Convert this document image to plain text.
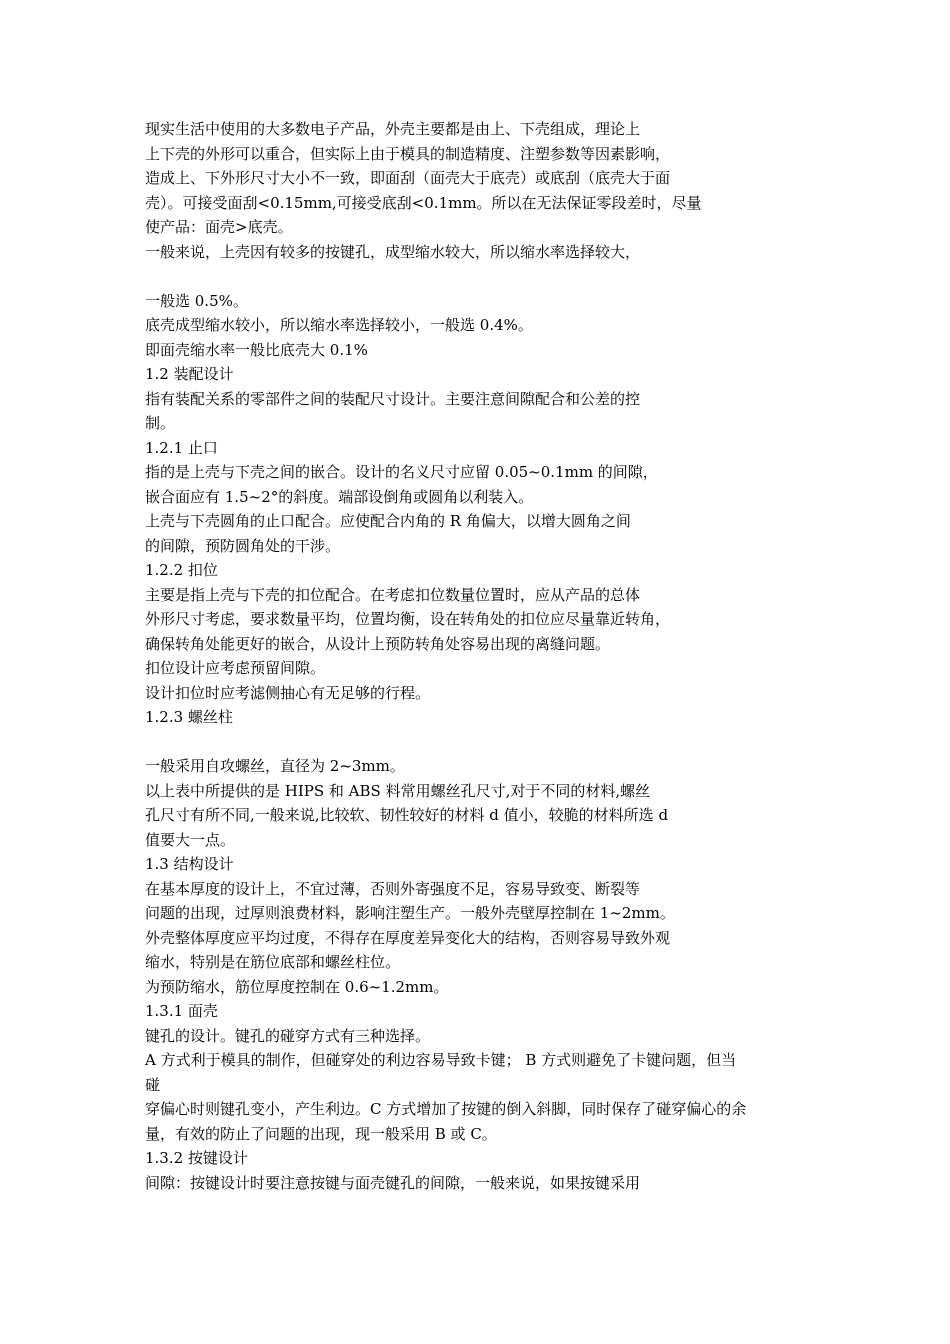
现实生活中使用的大多数电子产品，外壳主要都是由上、下壳组成，理论上
上下壳的外形可以重合，但实际上由于模具的制造精度、注塑参数等因素影响，
造成上、下外形尺寸大小不一致，即面刮（面壳大于底壳）或底刮（底壳大于面
壳）。可接受面刮<0.15mm,可接受底刮<0.1mm。所以在无法保证零段差时，尽量
使产品：面壳>底壳。
一般来说，上壳因有较多的按键孔，成型缩水较大，所以缩水率选择较大，
一般选 0.5%。
底壳成型缩水较小，所以缩水率选择较小，一般选 0.4%。
即面壳缩水率一般比底壳大 0.1%
1.2 装配设计
指有装配关系的零部件之间的装配尺寸设计。主要注意间隙配合和公差的控
制。
1.2.1 止口
指的是上壳与下壳之间的嵌合。设计的名义尺寸应留 0.05~0.1mm 的间隙，
嵌合面应有 1.5~2°的斜度。端部设倒角或圆角以利装入。
上壳与下壳圆角的止口配合。应使配合内角的 R 角偏大，以增大圆角之间
的间隙，预防圆角处的干涉。
1.2.2 扣位
主要是指上壳与下壳的扣位配合。在考虑扣位数量位置时，应从产品的总体
外形尺寸考虑，要求数量平均，位置均衡，设在转角处的扣位应尽量靠近转角，
确保转角处能更好的嵌合，从设计上预防转角处容易出现的离缝问题。
扣位设计应考虑预留间隙。
设计扣位时应考滤侧抽心有无足够的行程。
1.2.3 螺丝柱
一般采用自攻螺丝，直径为 2~3mm。
以上表中所提供的是 HIPS 和 ABS 料常用螺丝孔尺寸,对于不同的材料,螺丝
孔尺寸有所不同,一般来说,比较软、韧性较好的材料 d 值小，较脆的材料所选 d
值要大一点。
1.3 结构设计
在基本厚度的设计上，不宜过薄，否则外寄强度不足，容易导致变、断裂等
问题的出现，过厚则浪费材料，影响注塑生产。一般外壳壁厚控制在 1~2mm。
外壳整体厚度应平均过度，不得存在厚度差异变化大的结构，否则容易导致外观
缩水，特别是在筋位底部和螺丝柱位。
为预防缩水，筋位厚度控制在 0.6~1.2mm。
1.3.1 面壳
键孔的设计。键孔的碰穿方式有三种选择。
A 方式利于模具的制作，但碰穿处的利边容易导致卡键； B 方式则避免了卡键问题，但当
碰
穿偏心时则键孔变小，产生利边。C 方式增加了按键的倒入斜脚，同时保存了碰穿偏心的余
量，有效的防止了问题的出现，现一般采用 B 或 C。
1.3.2 按键设计
间隙：按键设计时要注意按键与面壳键孔的间隙，一般来说，如果按键采用
